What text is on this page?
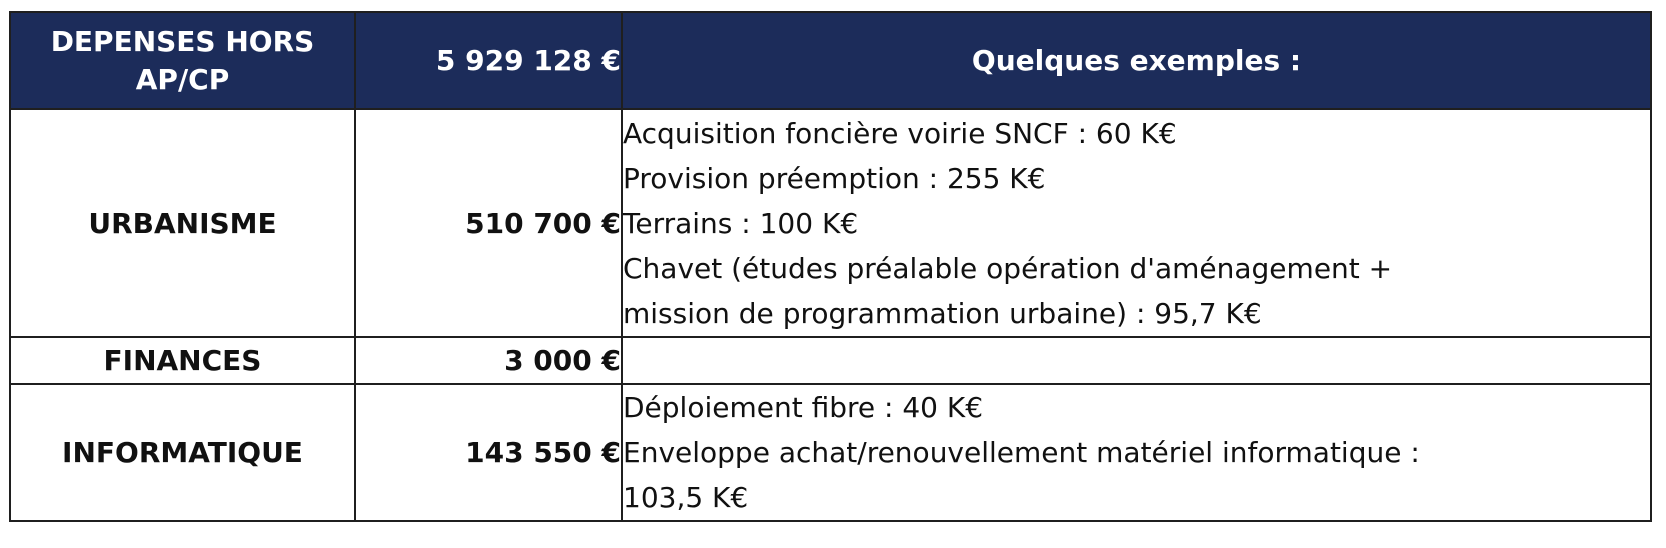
DEPENSES HORS AP/CP	5 929 128 €	Quelques exemples :
URBANISME	510 700 €	Acquisition foncière voirie SNCF : 60 K€
Provision préemption : 255 K€
Terrains : 100 K€
Chavet (études préalable opération d'aménagement +
mission de programmation urbaine) : 95,7 K€

FINANCES	3 000 €	
INFORMATIQUE	143 550 €	Déploiement fibre : 40 K€
Enveloppe achat/renouvellement matériel informatique :
103,5 K€
